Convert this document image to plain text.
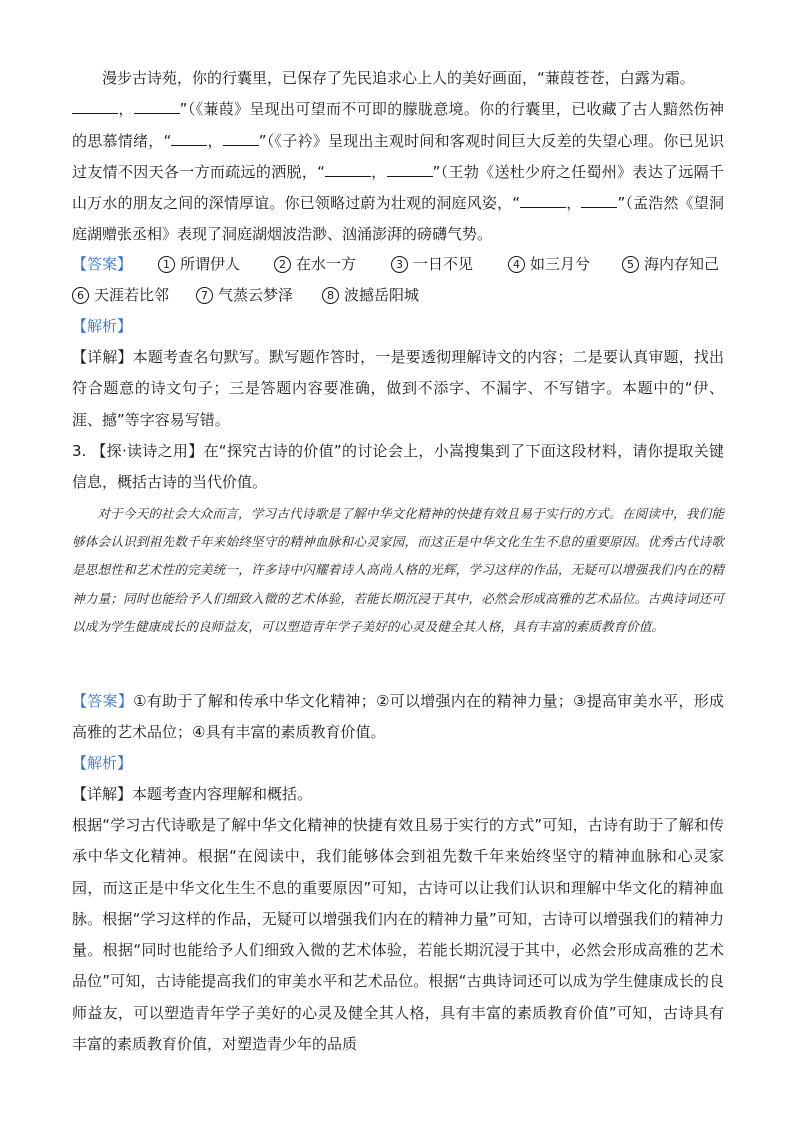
漫步古诗苑，你的行囊里，已保存了先民追求心上人的美好画面，“蒹葭苍苍，白露为霜。
，	”（《蒹葭》呈现出可望而不可即的朦胧意境。你的行囊里，已收藏了古人黯然伤神的思慕情绪，“ ， ”（《子衿》呈现出主观时间和客观时间巨大反差的失望心理。你已见识过友情不因天各一方而疏远的洒脱，“	，	”（王勃《送杜少府之任蜀州》表达了远隔千山万水的朋友之间的深情厚谊。你已领略过蔚为壮观的洞庭风姿，“	， ”（孟浩然《望洞庭湖赠张丞相》表现了洞庭湖烟波浩渺、汹涌澎湃的磅礴气势。

【答案】	1 所谓伊人	2 在水一方	3 一日不见	4 如三月兮	5 海内存知己
6 天涯若比邻	7 气蒸云梦泽	8 波撼岳阳城
【解析】

【详解】本题考查名句默写。默写题作答时，一是要透彻理解诗文的内容；二是要认真审题，找出符合题意的诗文句子；三是答题内容要准确，做到不添字、不漏字、不写错字。本题中的“伊、涯、撼”等字容易写错。

3. 【探·读诗之用】在“探究古诗的价值”的讨论会上，小嵩搜集到了下面这段材料，请你提取关键信息，概括古诗的当代价值。

对于今天的社会大众而言，学习古代诗歌是了解中华文化精神的快捷有效且易于实行的方式。在阅读中，我们能够体会认识到祖先数千年来始终坚守的精神血脉和心灵家园，而这正是中华文化生生不息的重要原因。优秀古代诗歌是思想性和艺术性的完美统一，许多诗中闪耀着诗人高尚人格的光辉，学习这样的作品，无疑可以增强我们内在的精神力量；同时也能给予人们细致入微的艺术体验，若能长期沉浸于其中，必然会形成高雅的艺术品位。古典诗词还可以成为学生健康成长的良师益友，可以塑造青年学子美好的心灵及健全其人格，具有丰富的素质教育价值。

【答案】①有助于了解和传承中华文化精神；②可以增强内在的精神力量；③提高审美水平，形成高雅的艺术品位；④具有丰富的素质教育价值。

【解析】

【详解】本题考查内容理解和概括。

根据“学习古代诗歌是了解中华文化精神的快捷有效且易于实行的方式”可知，古诗有助于了解和传承中华文化精神。根据“在阅读中，我们能够体会到祖先数千年来始终坚守的精神血脉和心灵家园，而这正是中华文化生生不息的重要原因”可知，古诗可以让我们认识和理解中华文化的精神血脉。根据“学习这样的作品，无疑可以增强我们内在的精神力量”可知，古诗可以增强我们的精神力量。根据“同时也能给予人们细致入微的艺术体验，若能长期沉浸于其中，必然会形成高雅的艺术品位”可知，古诗能提高我们的审美水平和艺术品位。根据“古典诗词还可以成为学生健康成长的良师益友，可以塑造青年学子美好的心灵及健全其人格，具有丰富的素质教育价值”可知，古诗具有丰富的素质教育价值，对塑造青少年的品质
